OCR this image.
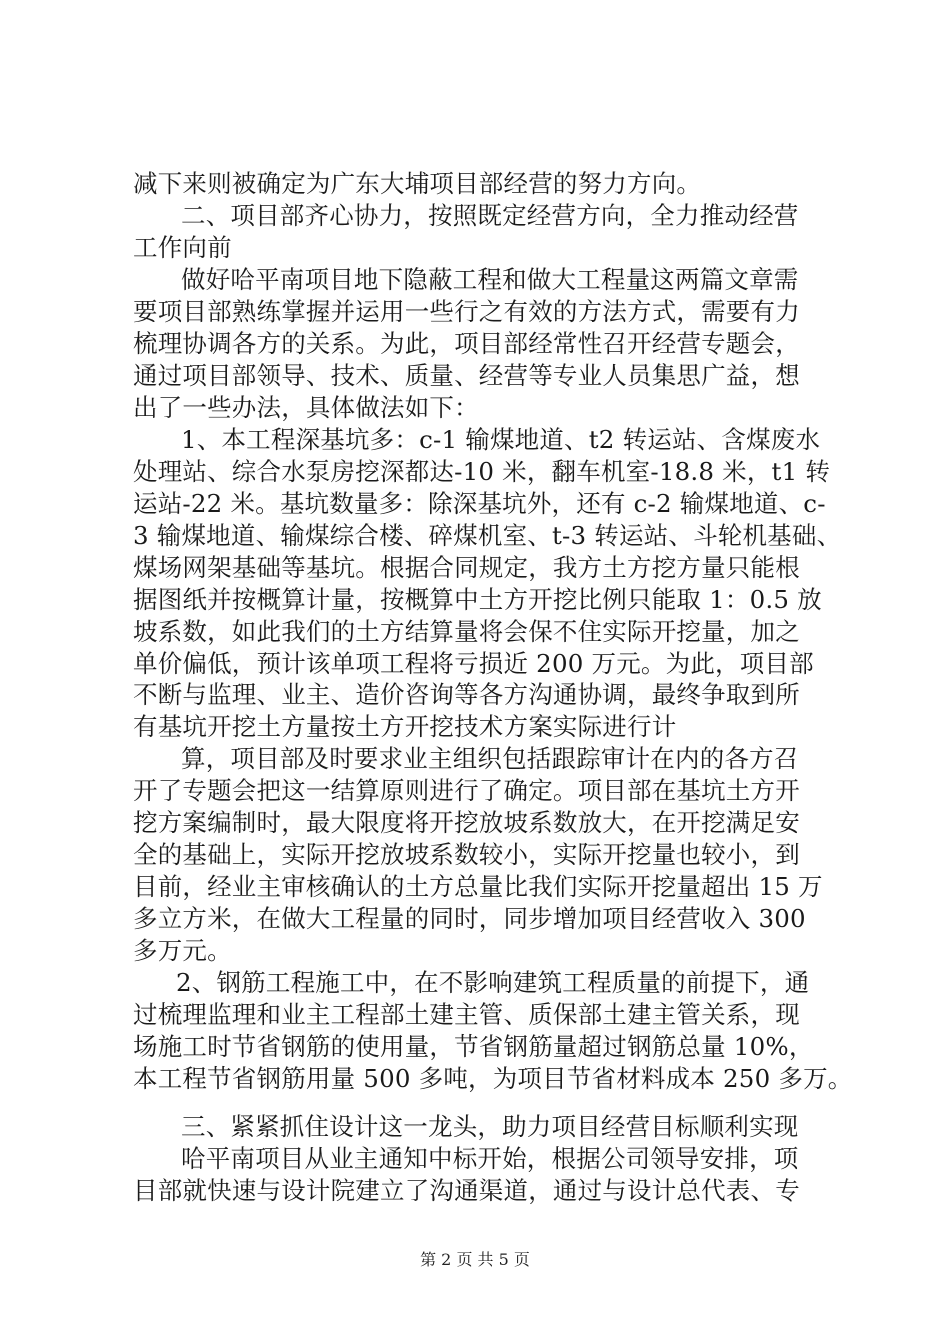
减下来则被确定为广东大埔项目部经营的努力方向。
二、项目部齐心协力，按照既定经营方向，全力推动经营
工作向前
做好哈平南项目地下隐蔽工程和做大工程量这两篇文章需
要项目部熟练掌握并运用一些行之有效的方法方式，需要有力
梳理协调各方的关系。为此，项目部经常性召开经营专题会，
通过项目部领导、技术、质量、经营等专业人员集思广益，想
出了一些办法，具体做法如下：
1、本工程深基坑多：c-1 输煤地道、t2 转运站、含煤废水
处理站、综合水泵房挖深都达-10 米，翻车机室-18.8 米，t1 转
运站-22 米。基坑数量多：除深基坑外，还有 c-2 输煤地道、c-
3 输煤地道、输煤综合楼、碎煤机室、t-3 转运站、斗轮机基础、
煤场网架基础等基坑。根据合同规定，我方土方挖方量只能根
据图纸并按概算计量，按概算中土方开挖比例只能取 1：0.5 放
坡系数，如此我们的土方结算量将会保不住实际开挖量，加之
单价偏低，预计该单项工程将亏损近 200 万元。为此，项目部
不断与监理、业主、造价咨询等各方沟通协调，最终争取到所
有基坑开挖土方量按土方开挖技术方案实际进行计
算，项目部及时要求业主组织包括跟踪审计在内的各方召
开了专题会把这一结算原则进行了确定。项目部在基坑土方开
挖方案编制时，最大限度将开挖放坡系数放大，在开挖满足安
全的基础上，实际开挖放坡系数较小，实际开挖量也较小，到
目前，经业主审核确认的土方总量比我们实际开挖量超出 15 万
多立方米，在做大工程量的同时，同步增加项目经营收入 300
多万元。
2、钢筋工程施工中，在不影响建筑工程质量的前提下，通
过梳理监理和业主工程部土建主管、质保部土建主管关系，现
场施工时节省钢筋的使用量，节省钢筋量超过钢筋总量 10%，
本工程节省钢筋用量 500 多吨，为项目节省材料成本 250 多万。
三、紧紧抓住设计这一龙头，助力项目经营目标顺利实现
哈平南项目从业主通知中标开始，根据公司领导安排，项
目部就快速与设计院建立了沟通渠道，通过与设计总代表、专
第 2 页 共 5 页
